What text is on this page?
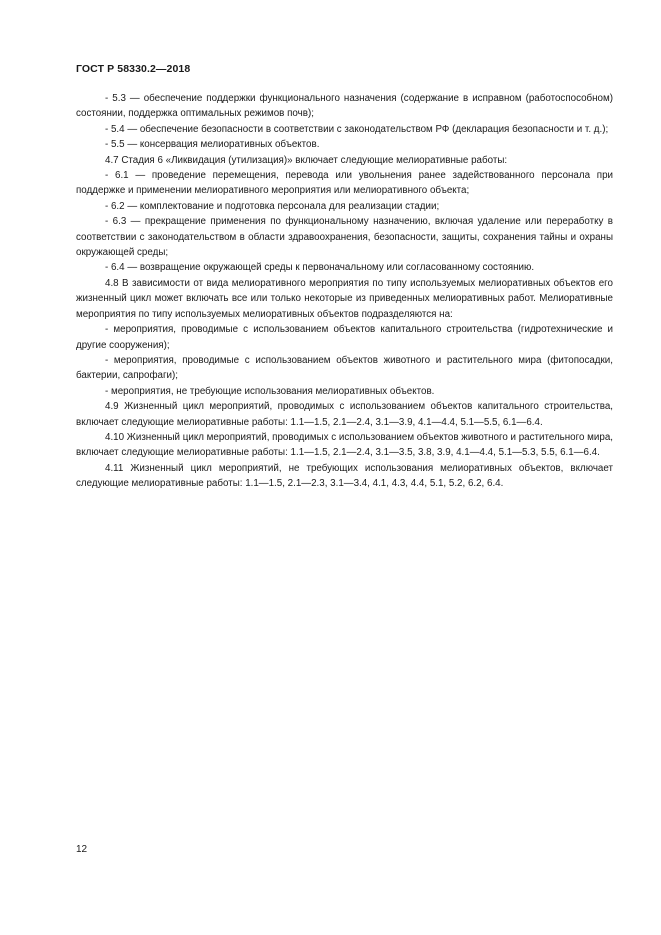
ГОСТ Р 58330.2—2018

- 5.3 — обеспечение поддержки функционального назначения (содержание в исправном (работоспособном) состоянии, поддержка оптимальных режимов почв);

- 5.4 — обеспечение безопасности в соответствии с законодательством РФ (декларация безопасности и т. д.);

- 5.5 — консервация мелиоративных объектов.

4.7 Стадия 6 «Ликвидация (утилизация)» включает следующие мелиоративные работы:

- 6.1 — проведение перемещения, перевода или увольнения ранее задействованного персонала при поддержке и применении мелиоративного мероприятия или мелиоративного объекта;

- 6.2 — комплектование и подготовка персонала для реализации стадии;

- 6.3 — прекращение применения по функциональному назначению, включая удаление или переработку в соответствии с законодательством в области здравоохранения, безопасности, защиты, сохранения тайны и охраны окружающей среды;

- 6.4 — возвращение окружающей среды к первоначальному или согласованному состоянию.

4.8 В зависимости от вида мелиоративного мероприятия по типу используемых мелиоративных объектов его жизненный цикл может включать все или только некоторые из приведенных мелиоративных работ. Мелиоративные мероприятия по типу используемых мелиоративных объектов подразделяются на:

- мероприятия, проводимые с использованием объектов капитального строительства (гидротехнические и другие сооружения);

- мероприятия, проводимые с использованием объектов животного и растительного мира (фитопосадки, бактерии, сапрофаги);

- мероприятия, не требующие использования мелиоративных объектов.

4.9 Жизненный цикл мероприятий, проводимых с использованием объектов капитального строительства, включает следующие мелиоративные работы: 1.1—1.5, 2.1—2.4, 3.1—3.9, 4.1—4.4, 5.1—5.5, 6.1—6.4.

4.10 Жизненный цикл мероприятий, проводимых с использованием объектов животного и растительного мира, включает следующие мелиоративные работы: 1.1—1.5, 2.1—2.4, 3.1—3.5, 3.8, 3.9, 4.1—4.4, 5.1—5.3, 5.5, 6.1—6.4.

4.11 Жизненный цикл мероприятий, не требующих использования мелиоративных объектов, включает следующие мелиоративные работы: 1.1—1.5, 2.1—2.3, 3.1—3.4, 4.1, 4.3, 4.4, 5.1, 5.2, 6.2, 6.4.

12
